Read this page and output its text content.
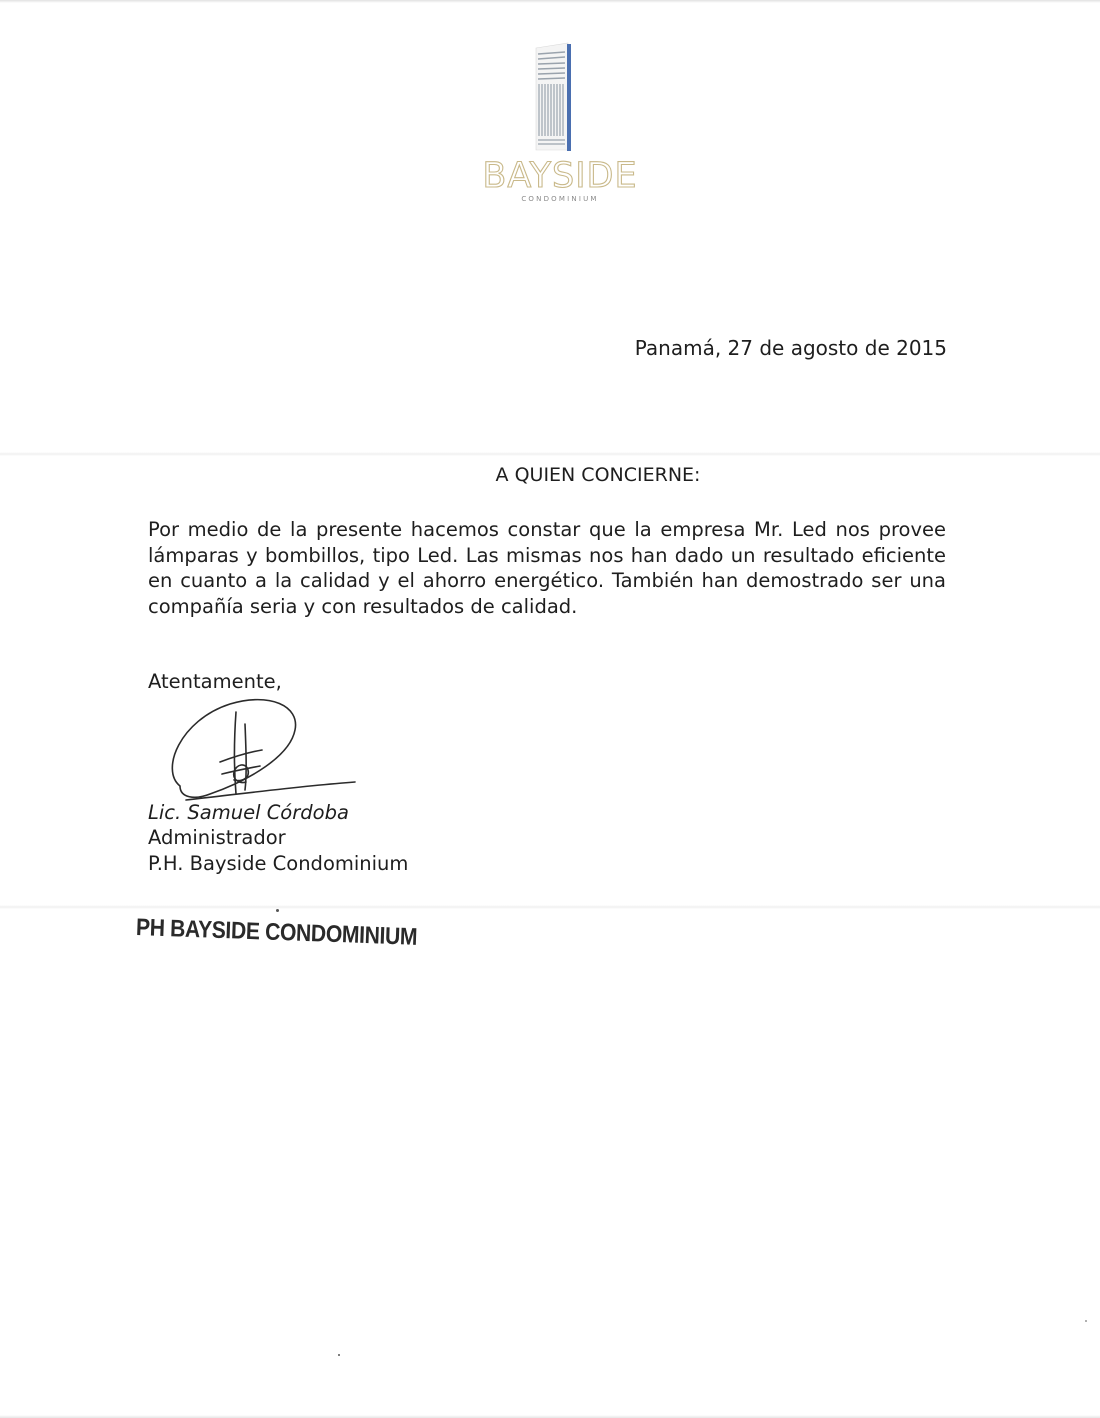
BAYSIDE
CONDOMINIUM
Panamá, 27 de agosto de 2015
A QUIEN CONCIERNE:
Por medio de la presente hacemos constar que la empresa Mr. Led nos provee lámparas y bombillos, tipo Led. Las mismas nos han dado un resultado eficiente en cuanto a la calidad y el ahorro energético. También han demostrado ser una compañía seria y con resultados de calidad.
Atentamente,
Lic. Samuel Córdoba
Administrador
P.H. Bayside Condominium
PH BAYSIDE CONDOMINIUM
